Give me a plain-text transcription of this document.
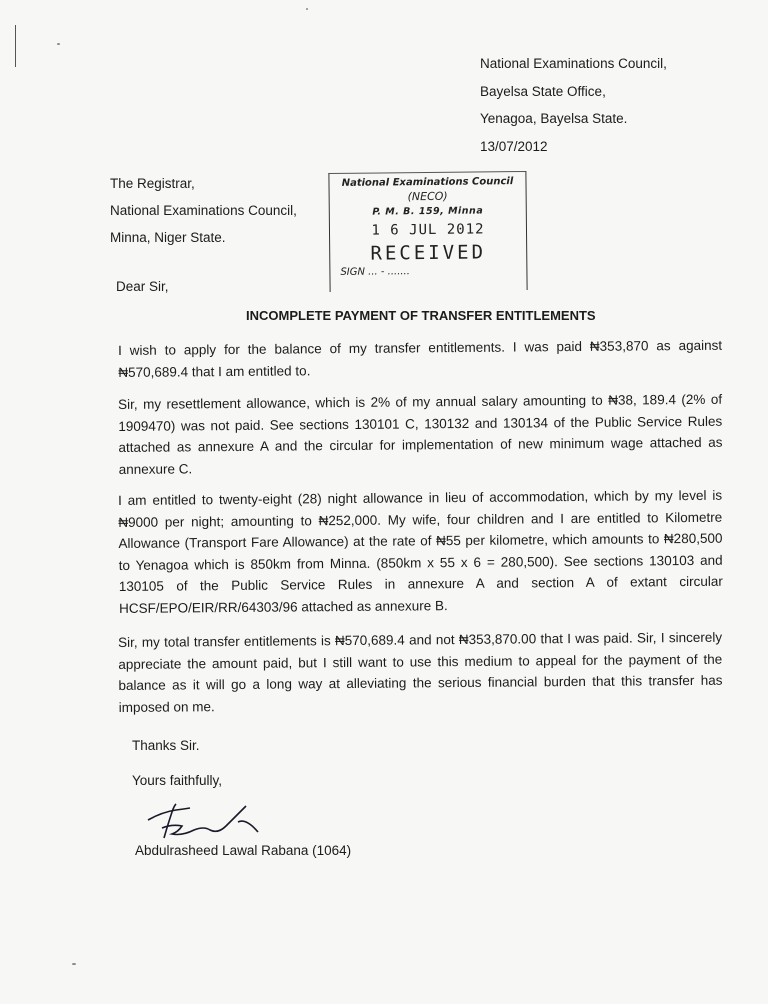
National Examinations Council,
Bayelsa State Office,
Yenagoa, Bayelsa State.
13/07/2012
The Registrar,
National Examinations Council,
Minna, Niger State.
National Examinations Council
(NECO)
P. M. B. 159, Minna
1 6 JUL 2012
RECEIVED
SIGN ... - .......
Dear Sir,
INCOMPLETE PAYMENT OF TRANSFER ENTITLEMENTS
I wish to apply for the balance of my transfer entitlements. I was paid ₦353,870 as against ₦570,689.4 that I am entitled to.
Sir, my resettlement allowance, which is 2% of my annual salary amounting to ₦38, 189.4 (2% of 1909470) was not paid. See sections 130101 C, 130132 and 130134 of the Public Service Rules attached as annexure A and the circular for implementation of new minimum wage attached as annexure C.
I am entitled to twenty-eight (28) night allowance in lieu of accommodation, which by my level is ₦9000 per night; amounting to ₦252,000. My wife, four children and I are entitled to Kilometre Allowance (Transport Fare Allowance) at the rate of ₦55 per kilometre, which amounts to ₦280,500 to Yenagoa which is 850km from Minna. (850km x 55 x 6 = 280,500). See sections 130103 and 130105 of the Public Service Rules in annexure A and section A of extant circular HCSF/EPO/EIR/RR/64303/96 attached as annexure B.
Sir, my total transfer entitlements is ₦570,689.4 and not ₦353,870.00 that I was paid. Sir, I sincerely appreciate the amount paid, but I still want to use this medium to appeal for the payment of the balance as it will go a long way at alleviating the serious financial burden that this transfer has imposed on me.
Thanks Sir.
Yours faithfully,
Abdulrasheed Lawal Rabana (1064)
